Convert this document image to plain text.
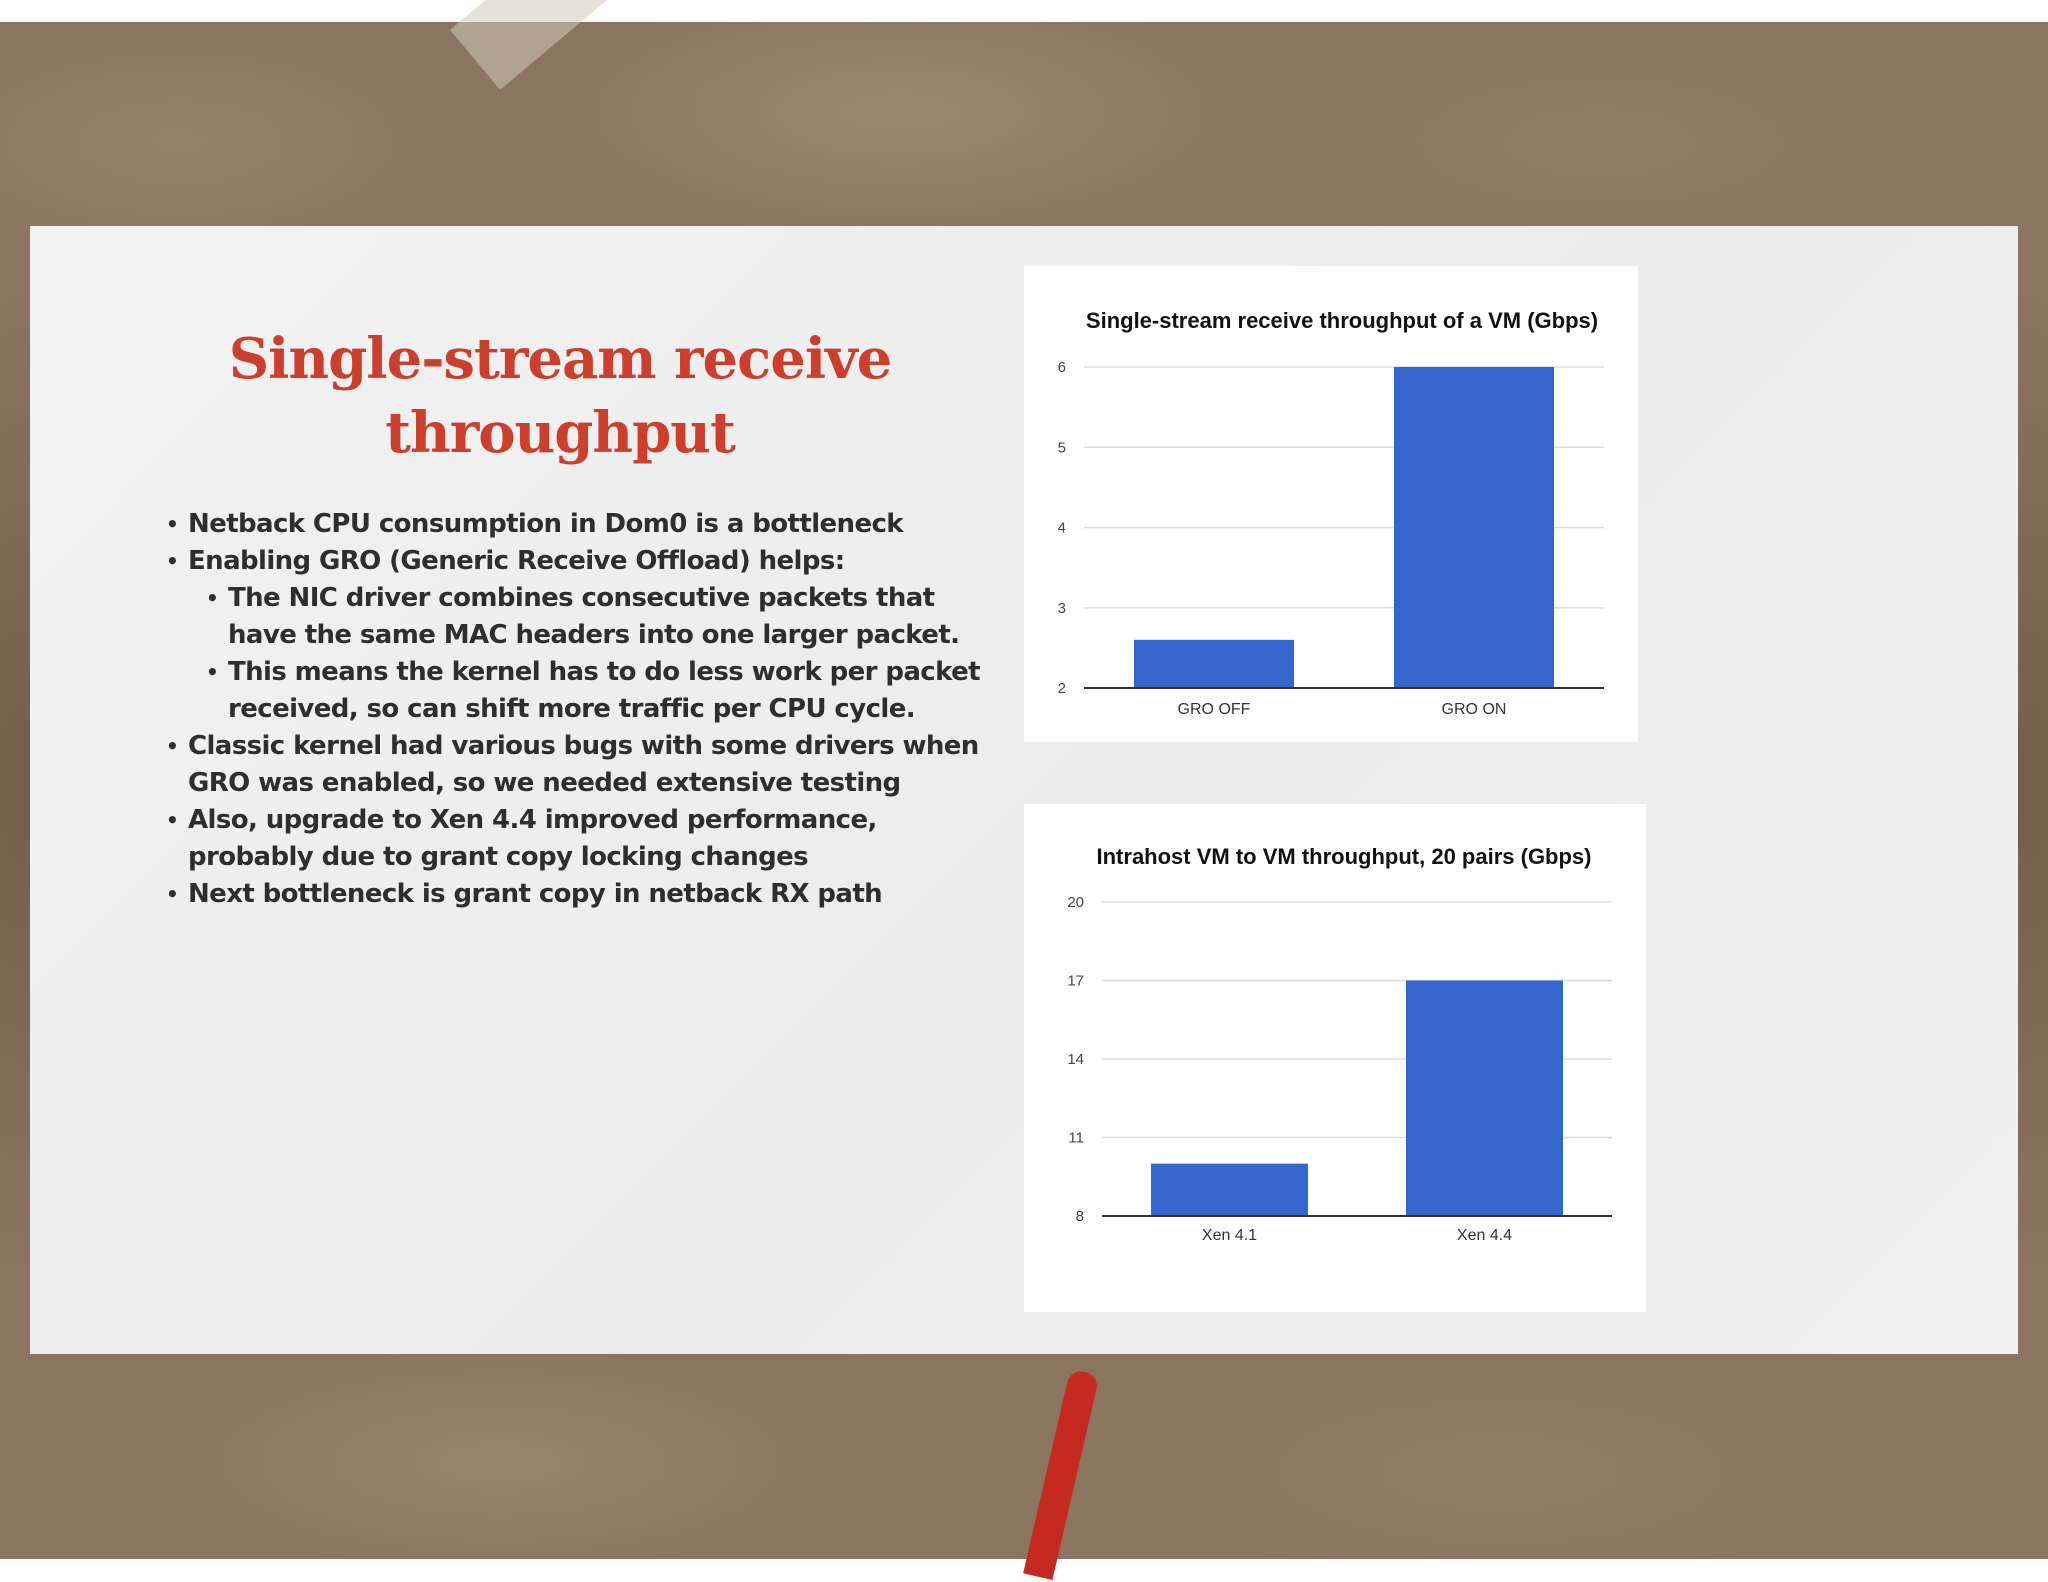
Single-stream receive throughput
• Netback CPU consumption in Dom0 is a bottleneck
• Enabling GRO (Generic Receive Offload) helps:
• The NIC driver combines consecutive packets that have the same MAC headers into one larger packet.
• This means the kernel has to do less work per packet received, so can shift more traffic per CPU cycle.
• Classic kernel had various bugs with some drivers when GRO was enabled, so we needed extensive testing
• Also, upgrade to Xen 4.4 improved performance, probably due to grant copy locking changes
• Next bottleneck is grant copy in netback RX path
Single-stream receive throughput of a VM (Gbps)
2
3
4
5
6
GRO OFF	GRO ON
Intrahost VM to VM throughput, 20 pairs (Gbps)
8
11
14
17
20
Xen 4.1	Xen 4.4
